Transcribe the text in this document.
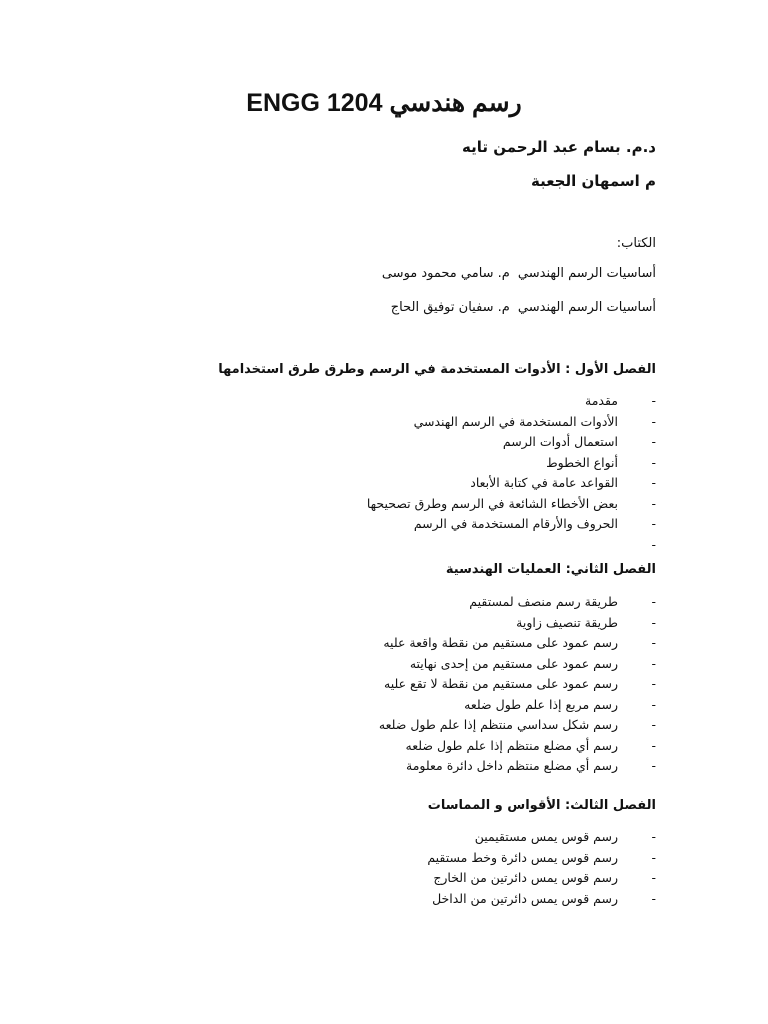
رسم هندسي ENGG 1204
د.م. بسام عبد الرحمن تايه
م اسمهان الجعبة
الكتاب:
أساسيات الرسم الهندسي م. سامي محمود موسى
أساسيات الرسم الهندسي م. سفيان توفيق الحاج
الفصل الأول : الأدوات المستخدمة في الرسم وطرق طرق استخدامها
-
مقدمة
-
الأدوات المستخدمة في الرسم الهندسي
-
استعمال أدوات الرسم
-
أنواع الخطوط
-
القواعد عامة في كتابة الأبعاد
-
بعض الأخطاء الشائعة في الرسم وطرق تصحيحها
-
الحروف والأرقام المستخدمة في الرسم
-
الفصل الثاني: العمليات الهندسية
-
طريقة رسم منصف لمستقيم
-
طريقة تنصيف زاوية
-
رسم عمود على مستقيم من نقطة واقعة عليه
-
رسم عمود على مستقيم من إحدى نهايته
-
رسم عمود على مستقيم من نقطة لا تقع عليه
-
رسم مربع إذا علم طول ضلعه
-
رسم شكل سداسي منتظم إذا علم طول ضلعه
-
رسم أي مضلع منتظم إذا علم طول ضلعه
-
رسم أي مضلع منتظم داخل دائرة معلومة
الفصل الثالث: الأقواس و المماسات
-
رسم قوس يمس مستقيمين
-
رسم قوس يمس دائرة وخط مستقيم
-
رسم قوس يمس دائرتين من الخارج
-
رسم قوس يمس دائرتين من الداخل
